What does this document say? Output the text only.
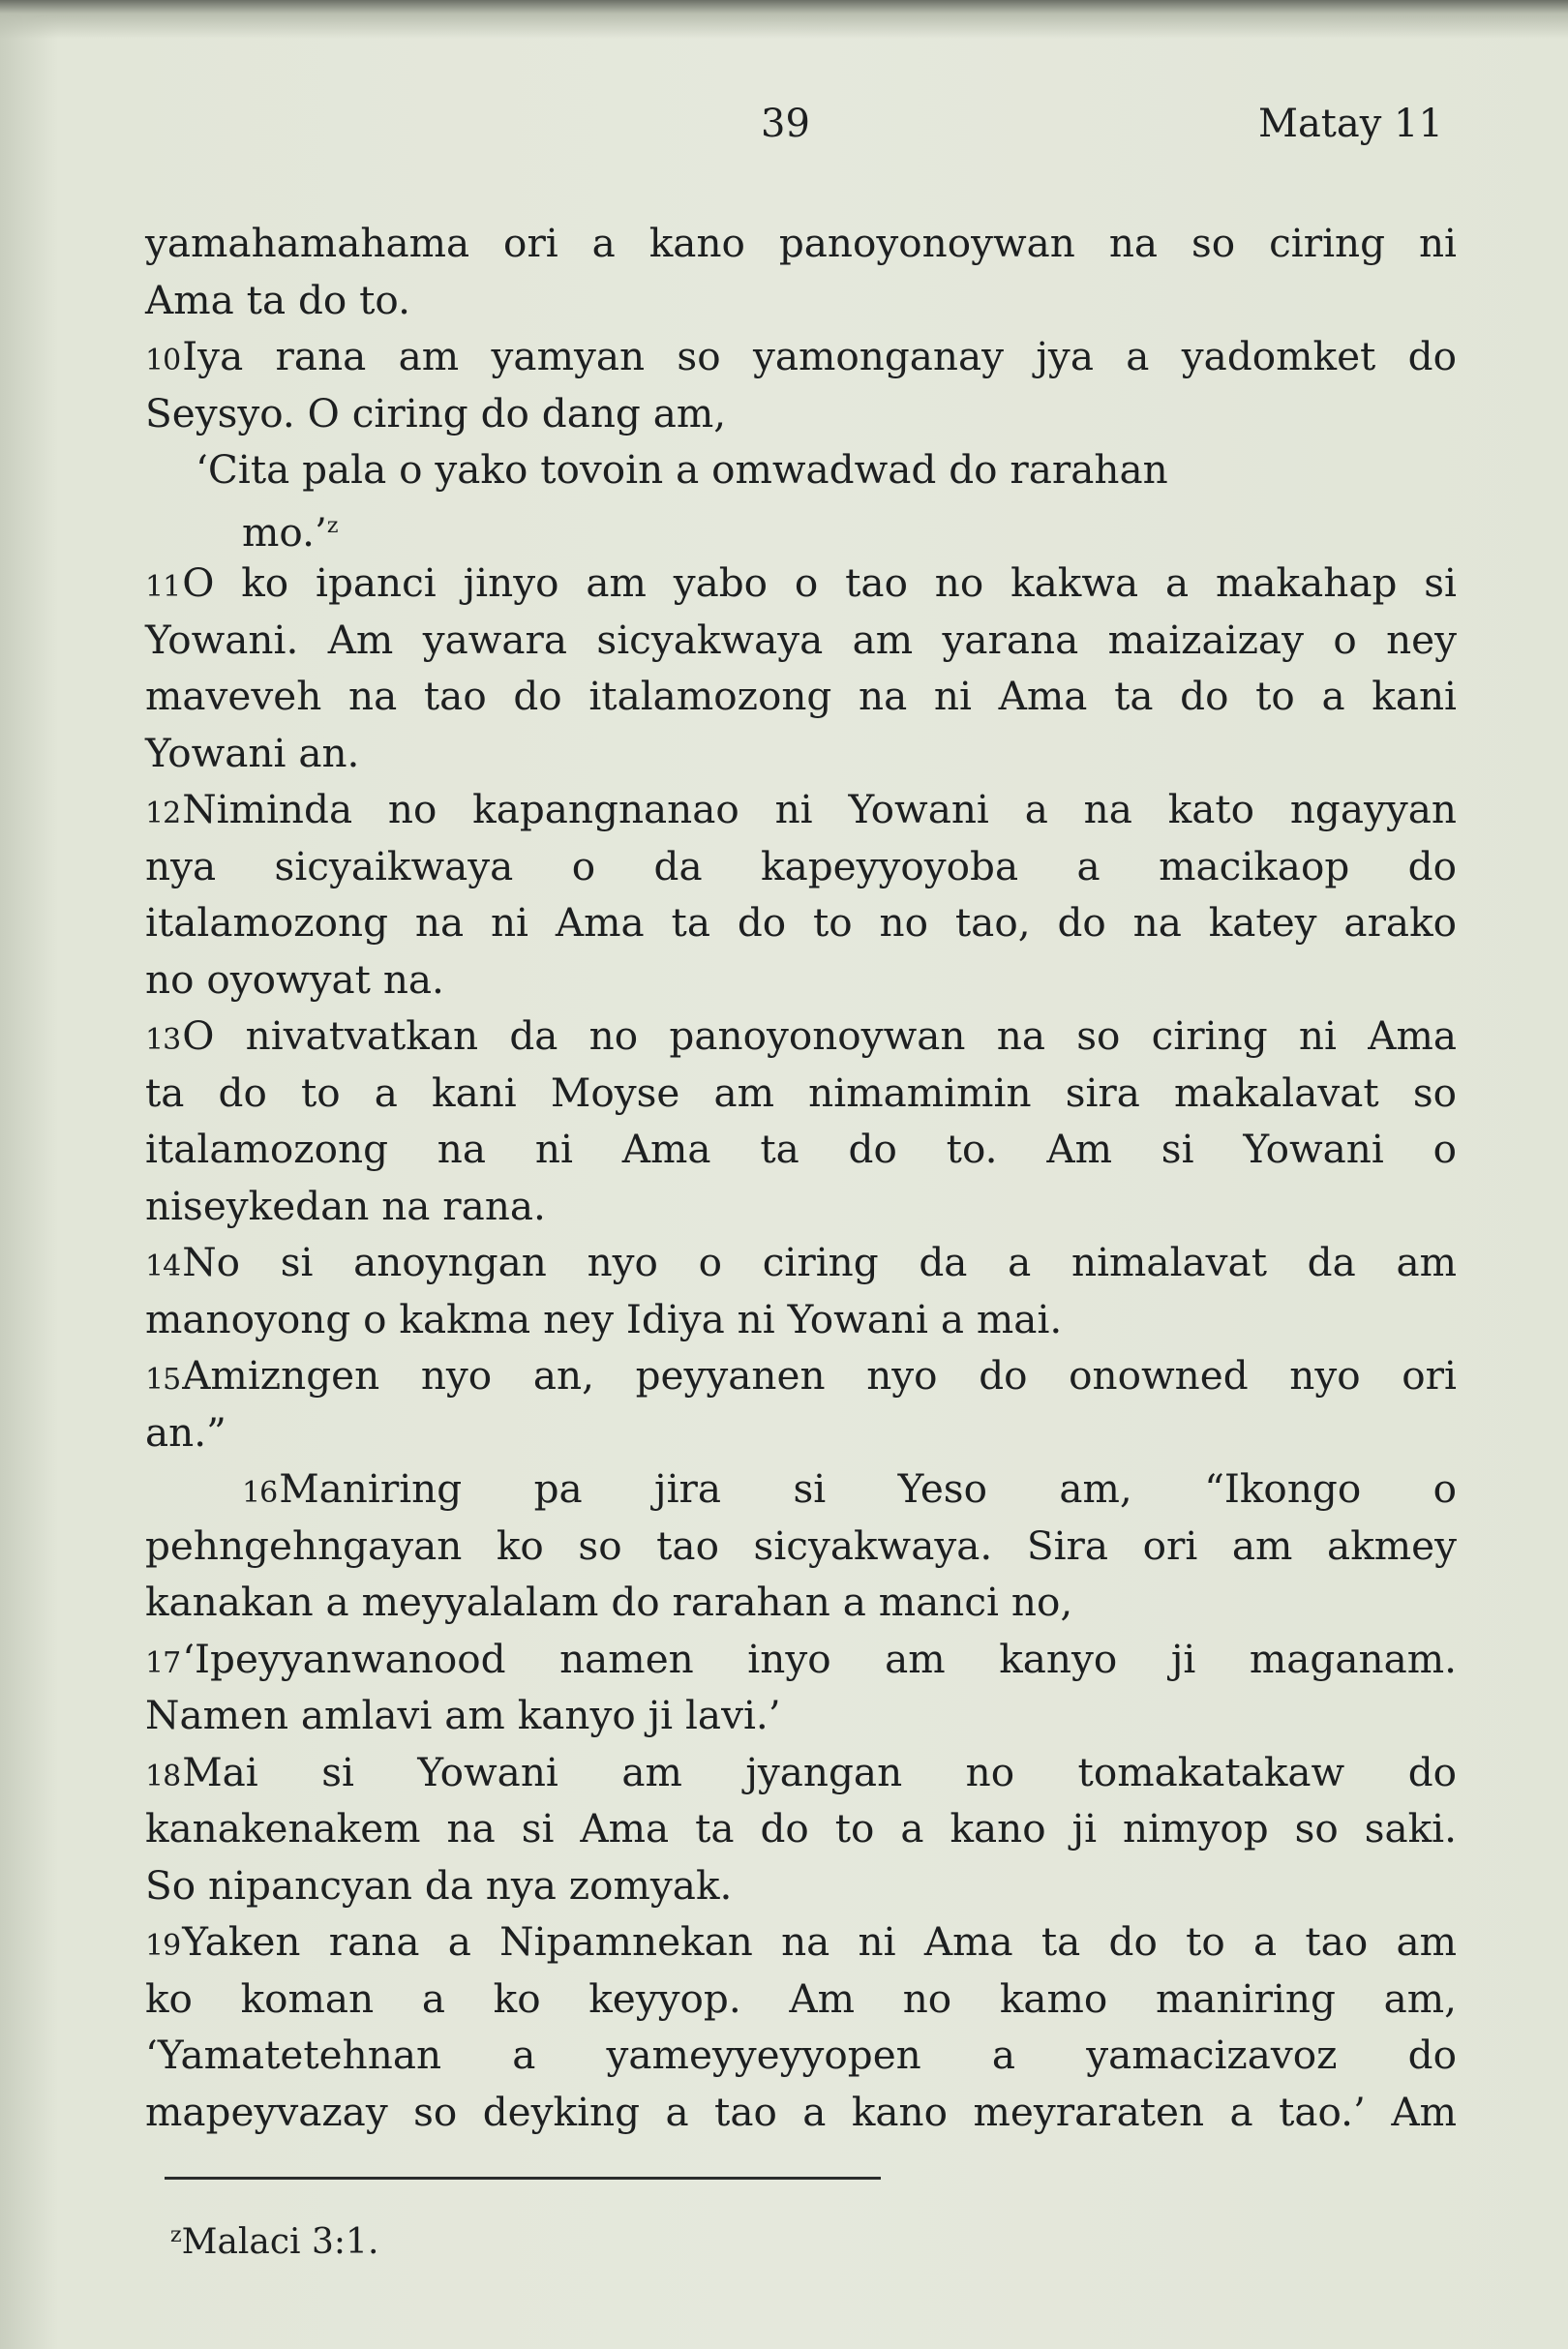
39	Matay 11
yamahamahama ori a kano panoyonoywan na so ciring ni
Ama ta do to.
10Iya rana am yamyan so yamonganay jya a yadomket do
Seysyo. O ciring do dang am,
‘Cita pala o yako tovoin a omwadwad do rarahan
mo.’$^z$
11O ko ipanci jinyo am yabo o tao no kakwa a makahap si
Yowani. Am yawara sicyakwaya am yarana maizaizay o ney
maveveh na tao do italamozong na ni Ama ta do to a kani
Yowani an.
12Niminda no kapangnanao ni Yowani a na kato ngayyan
nya sicyaikwaya o da kapeyyoyoba a macikaop do
italamozong na ni Ama ta do to no tao, do na katey arako
no oyowyat na.
13O nivatvatkan da no panoyonoywan na so ciring ni Ama
ta do to a kani Moyse am nimamimin sira makalavat so
italamozong na ni Ama ta do to. Am si Yowani o
niseykedan na rana.
14No si anoyngan nyo o ciring da a nimalavat da am
manoyong o kakma ney Idiya ni Yowani a mai.
15Amizngen nyo an, peyyanen nyo do onowned nyo ori
an.”
16Maniring pa jira si Yeso am, “Ikongo o
pehngehngayan ko so tao sicyakwaya. Sira ori am akmey
kanakan a meyyalalam do rarahan a manci no,
17‘Ipeyyanwanood namen inyo am kanyo ji maganam.
Namen amlavi am kanyo ji lavi.’
18Mai si Yowani am jyangan no tomakatakaw do
kanakenakem na si Ama ta do to a kano ji nimyop so saki.
So nipancyan da nya zomyak.
19Yaken rana a Nipamnekan na ni Ama ta do to a tao am
ko koman a ko keyyop. Am no kamo maniring am,
‘Yamatetehnan a yameyyeyyopen a yamacizavoz do
mapeyvazay so deyking a tao a kano meyraraten a tao.’ Am
$^z$Malaci 3:1.
